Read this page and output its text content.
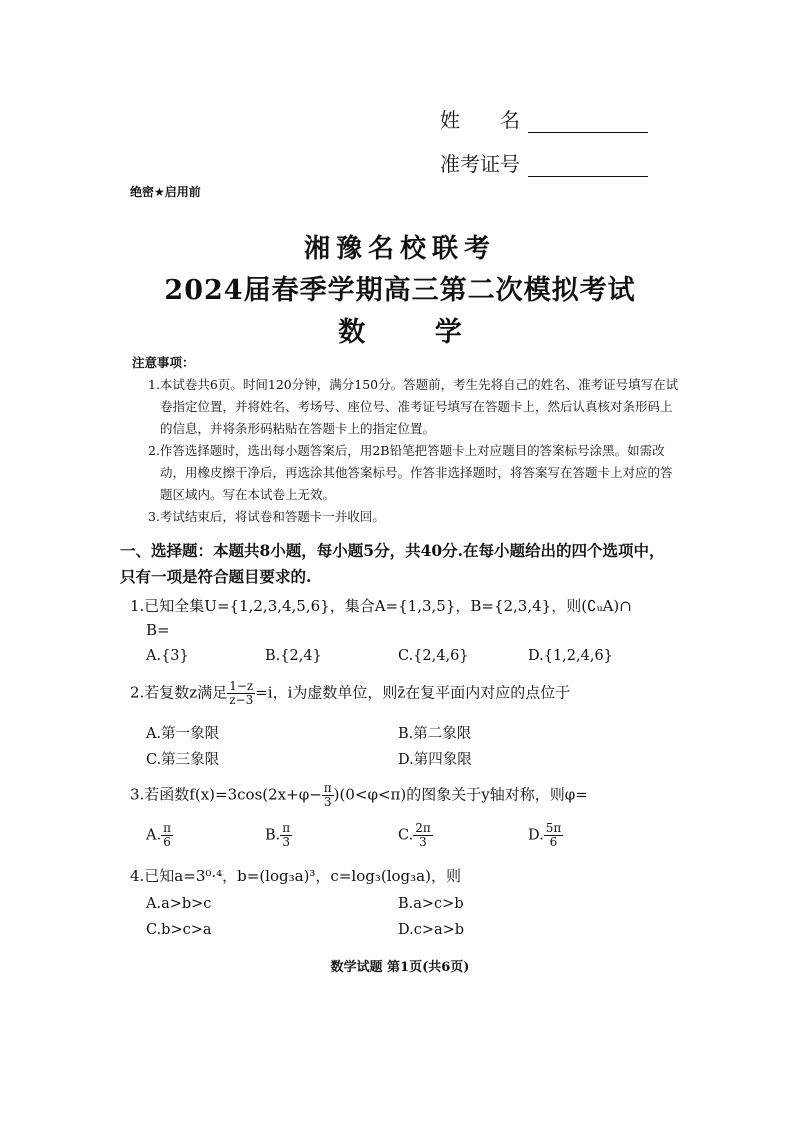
姓　　名
准考证号
绝密★启用前
湘豫名校联考
2024届春季学期高三第二次模拟考试
数 学
注意事项：
1.本试卷共6页。时间120分钟，满分150分。答题前，考生先将自己的姓名、准考证号填写在试卷指定位置，并将姓名、考场号、座位号、准考证号填写在答题卡上，然后认真核对条形码上的信息，并将条形码粘贴在答题卡上的指定位置。
2.作答选择题时，选出每小题答案后，用2B铅笔把答题卡上对应题目的答案标号涂黑。如需改动，用橡皮擦干净后，再选涂其他答案标号。作答非选择题时，将答案写在答题卡上对应的答题区域内。写在本试卷上无效。
3.考试结束后，将试卷和答题卡一并收回。
一、选择题：本题共8小题，每小题5分，共40分.在每小题给出的四个选项中，只有一项是符合题目要求的.
1.已知全集U={1,2,3,4,5,6}，集合A={1,3,5}，B={2,3,4}，则(∁ᵤA)∩
B=
A.{3}	B.{2,4}	C.{2,4,6}	D.{1,2,4,6}
2.若复数z满足 $\frac{1-z}{z-3} =i$，i为虚数单位，则z̄在复平面内对应的点位于
A.第一象限	B.第二象限
C.第三象限	D.第四象限
3.若函数$f(x)=3\cos(2x+\varphi- \frac{\pi}{3} )(0<\varphi<\pi)$的图象关于y轴对称，则φ=
A. $\frac{\pi}{6}$	B. $\frac{\pi}{3}$	C. $\frac{2\pi}{3}$	D. $\frac{5\pi}{6}$
4.已知a=3⁰·⁴，b=(log₃a)³，c=log₃(log₃a)，则
A.a>b>c	B.a>c>b
C.b>c>a	D.c>a>b
数学试题 第1页(共6页)
